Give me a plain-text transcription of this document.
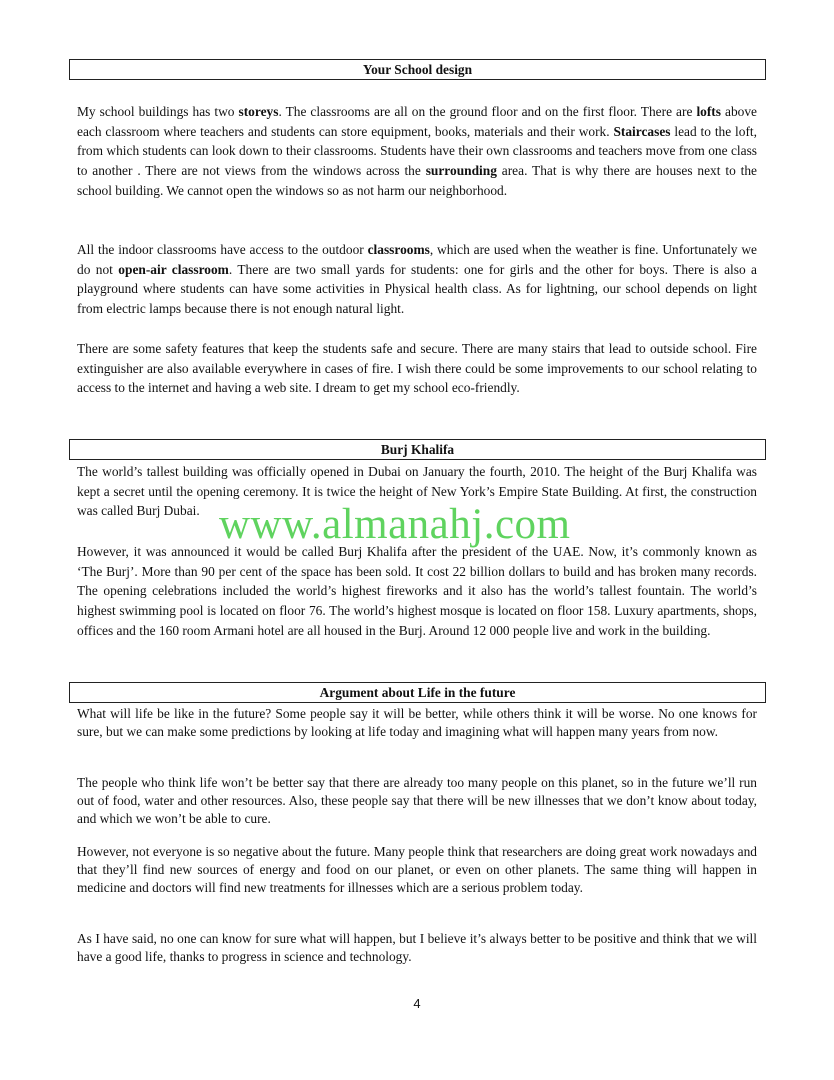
Your School design

My school buildings has two storeys. The classrooms are all on the ground floor and on the first floor. There are lofts above each classroom where teachers and students can store equipment, books, materials and their work. Staircases lead to the loft, from which students can look down to their classrooms. Students have their own classrooms and teachers move from one class to another . There are not views from the windows across the surrounding area. That is why there are houses next to the school building. We cannot open the windows so as not harm our neighborhood.

All the indoor classrooms have access to the outdoor classrooms, which are used when the weather is fine. Unfortunately we do not open-air classroom. There are two small yards for students: one for girls and the other for boys. There is also a playground where students can have some activities in Physical health class. As for lightning, our school depends on light from electric lamps because there is not enough natural light.

There are some safety features that keep the students safe and secure. There are many stairs that lead to outside school. Fire extinguisher are also available everywhere in cases of fire. I wish there could be some improvements to our school relating to access to the internet and having a web site. I dream to get my school eco-friendly.

Burj Khalifa

The world’s tallest building was officially opened in Dubai on January the fourth, 2010. The height of the Burj Khalifa was kept a secret until the opening ceremony. It is twice the height of New York’s Empire State Building. At first, the construction was called Burj Dubai.

However, it was announced it would be called Burj Khalifa after the president of the UAE. Now, it’s commonly known as ‘The Burj’. More than 90 per cent of the space has been sold. It cost 22 billion dollars to build and has broken many records. The opening celebrations included the world’s highest fireworks and it also has the world’s tallest fountain. The world’s highest swimming pool is located on floor 76. The world’s highest mosque is located on floor 158. Luxury apartments, shops, offices and the 160 room Armani hotel are all housed in the Burj. Around 12 000 people live and work in the building.

Argument about Life in the future

What will life be like in the future? Some people say it will be better, while others think it will be worse. No one knows for sure, but we can make some predictions by looking at life today and imagining what will happen many years from now.

The people who think life won’t be better say that there are already too many people on this planet, so in the future we’ll run out of food, water and other resources. Also, these people say that there will be new illnesses that we don’t know about today, and which we won’t be able to cure.

However, not everyone is so negative about the future. Many people think that researchers are doing great work nowadays and that they’ll find new sources of energy and food on our planet, or even on other planets. The same thing will happen in medicine and doctors will find new treatments for illnesses which are a serious problem today.

As I have said, no one can know for sure what will happen, but I believe it’s always better to be positive and think that we will have a good life, thanks to progress in science and technology.

www.almanahj.com
4
